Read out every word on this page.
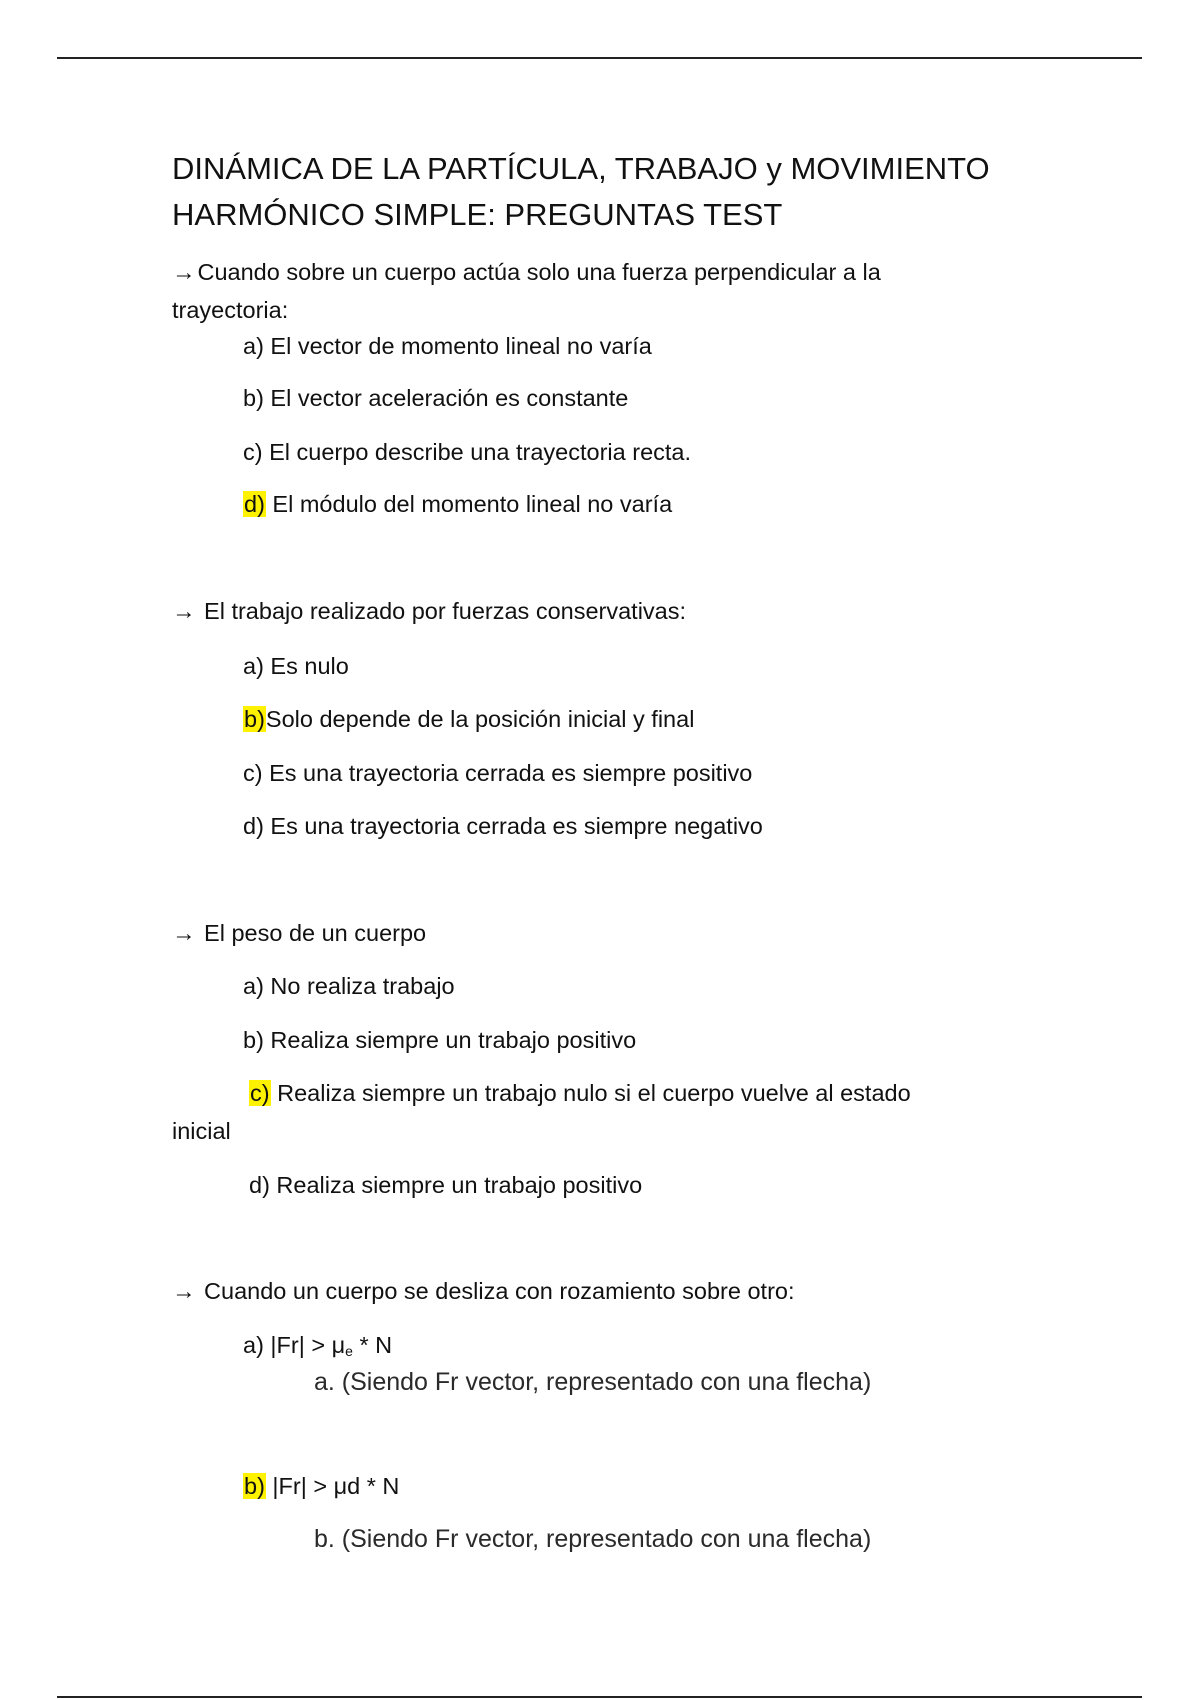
DINÁMICA DE LA PARTÍCULA, TRABAJO y MOVIMIENTO
HARMÓNICO SIMPLE: PREGUNTAS TEST
→Cuando sobre un cuerpo actúa solo una fuerza perpendicular a la
trayectoria:
a) El vector de momento lineal no varía
b) El vector aceleración es constante
c) El cuerpo describe una trayectoria recta.
d) El módulo del momento lineal no varía
→ El trabajo realizado por fuerzas conservativas:
a) Es nulo
b)Solo depende de la posición inicial y final
c) Es una trayectoria cerrada es siempre positivo
d) Es una trayectoria cerrada es siempre negativo
→ El peso de un cuerpo
a) No realiza trabajo
b) Realiza siempre un trabajo positivo
c) Realiza siempre un trabajo nulo si el cuerpo vuelve al estado
inicial
d) Realiza siempre un trabajo positivo
→ Cuando un cuerpo se desliza con rozamiento sobre otro:
a) $|Fr| > \mu_e * N$
a. (Siendo Fr vector, representado con una flecha)
b) |Fr| > μd * N
b. (Siendo Fr vector, representado con una flecha)
